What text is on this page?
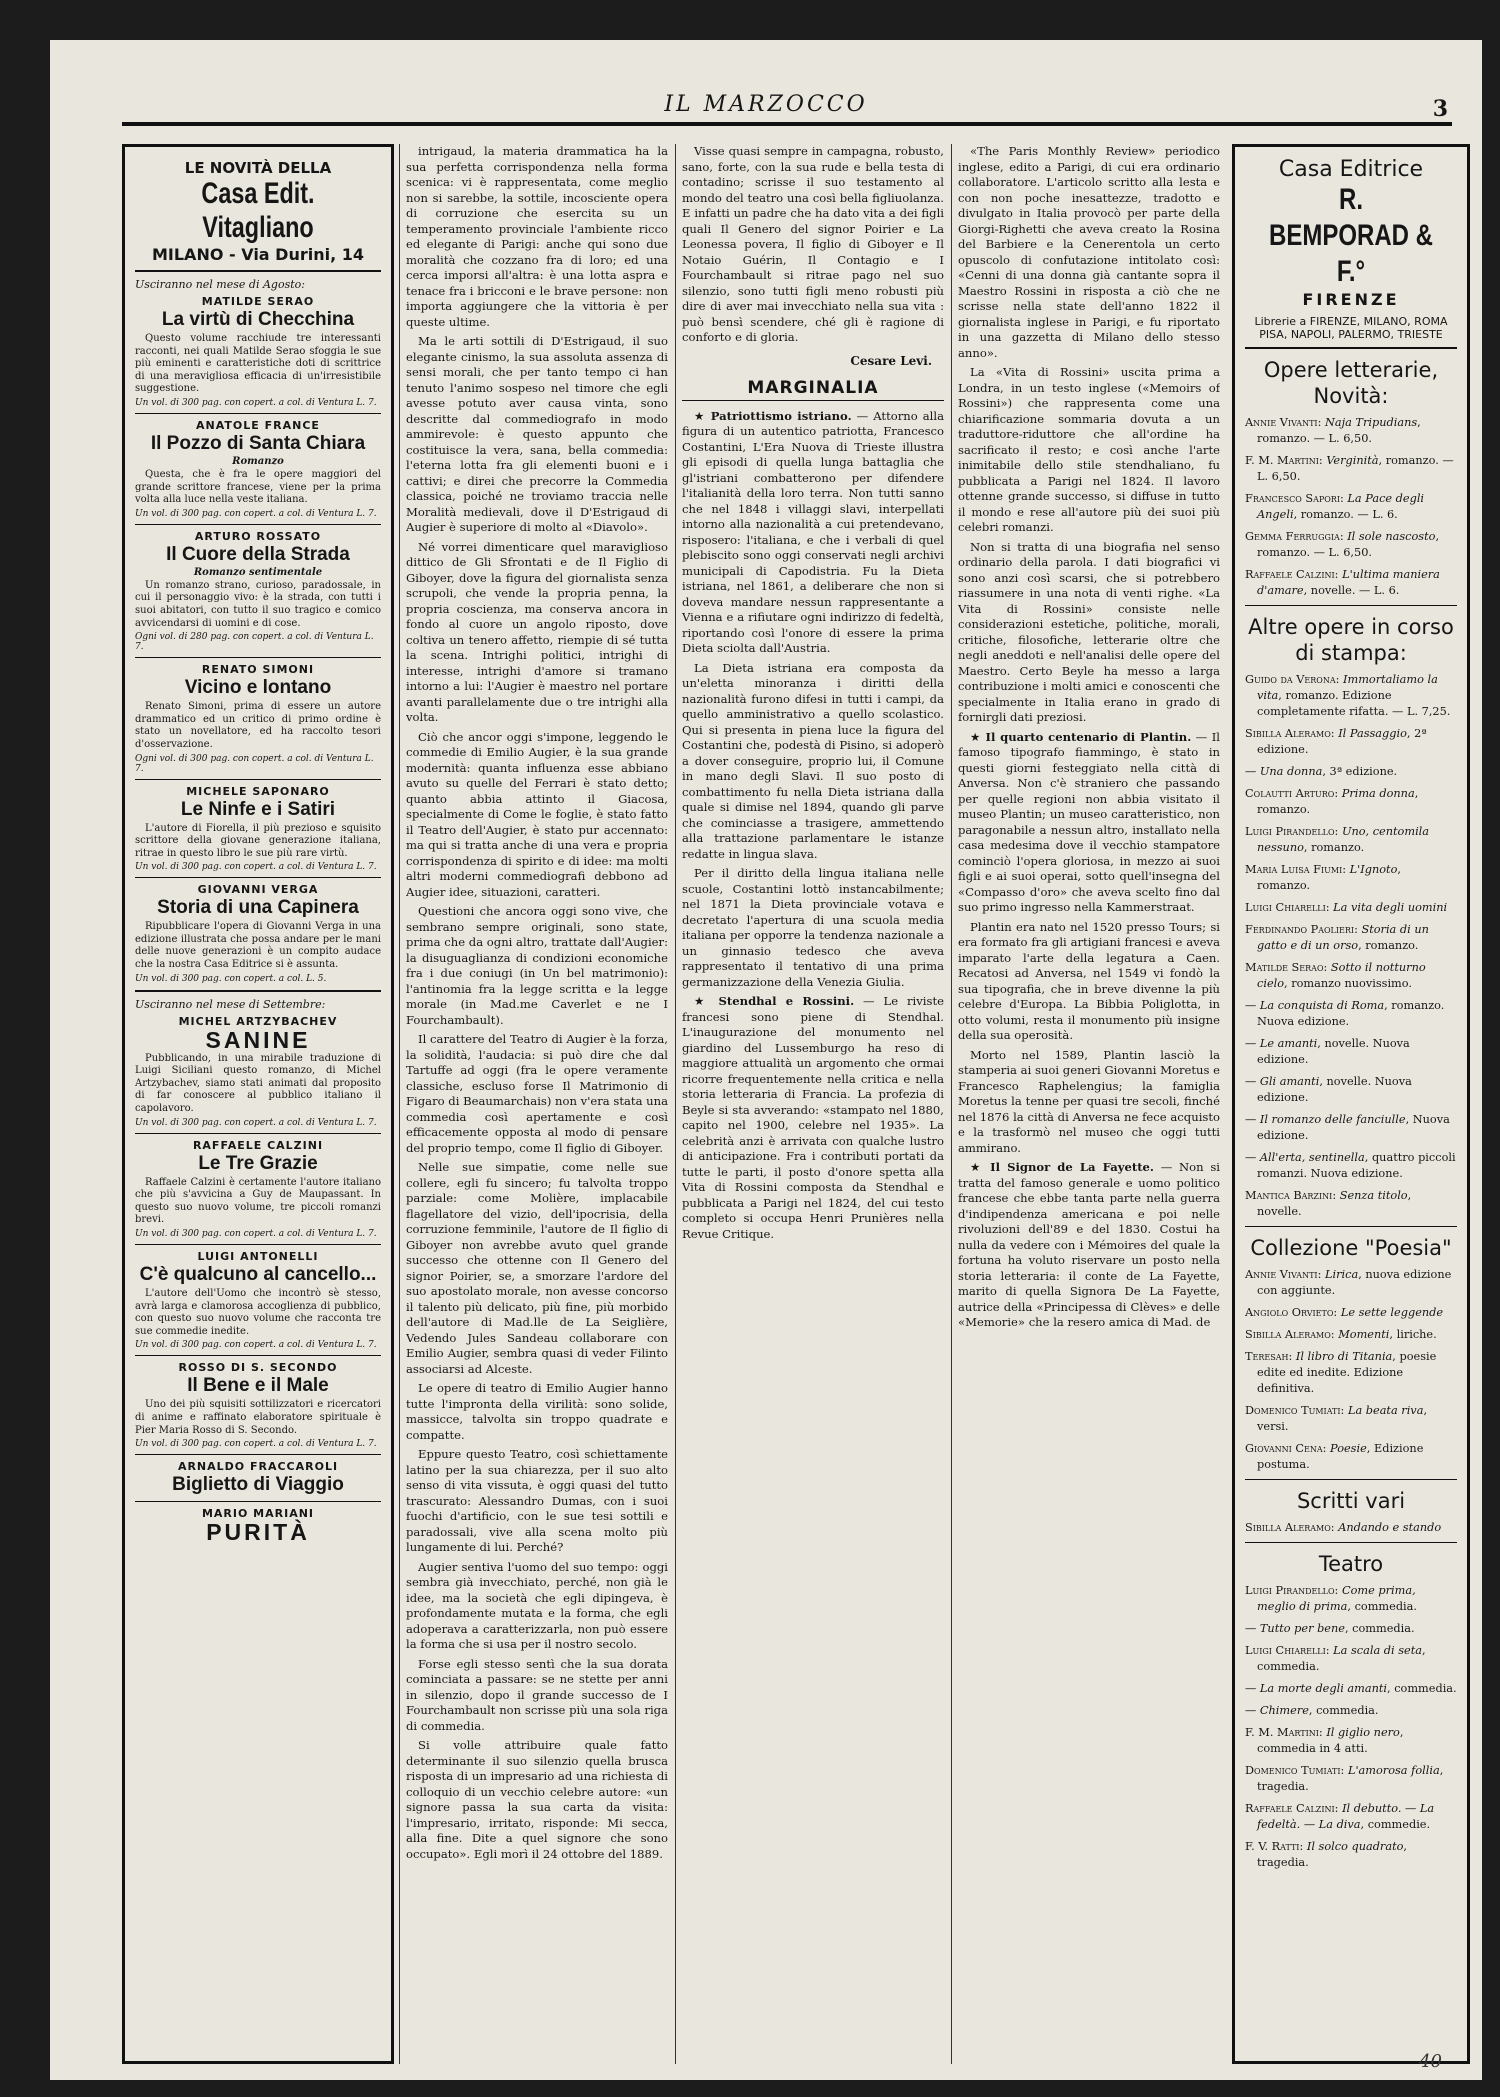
IL MARZOCCO	3
LE NOVITÀ DELLA
Casa Edit. Vitagliano
MILANO - Via Durini, 14
Usciranno nel mese di Agosto:
MATILDE SERAO
La virtù di Checchina
Questo volume racchiude tre interessanti racconti, nei quali Matilde Serao sfoggia le sue più eminenti e caratteristiche doti di scrittrice di una meravigliosa efficacia di un'irresistibile suggestione.
Un vol. di 300 pag. con copert. a col. di Ventura L. 7.
ANATOLE FRANCE
Il Pozzo di Santa Chiara
Romanzo
Questa, che è fra le opere maggiori del grande scrittore francese, viene per la prima volta alla luce nella veste italiana.
Un vol. di 300 pag. con copert. a col. di Ventura L. 7.
ARTURO ROSSATO
Il Cuore della Strada
Romanzo sentimentale
Un romanzo strano, curioso, paradossale, in cui il personaggio vivo: è la strada, con tutti i suoi abitatori, con tutto il suo tragico e comico avvicendarsi di uomini e di cose.
Ogni vol. di 280 pag. con copert. a col. di Ventura L. 7.
RENATO SIMONI
Vicino e lontano
Renato Simoni, prima di essere un autore drammatico ed un critico di primo ordine è stato un novellatore, ed ha raccolto tesori d'osservazione.
Ogni vol. di 300 pag. con copert. a col. di Ventura L. 7.
MICHELE SAPONARO
Le Ninfe e i Satiri
L'autore di Fiorella, il più prezioso e squisito scrittore della giovane generazione italiana, ritrae in questo libro le sue più rare virtù.
Un vol. di 300 pag. con copert. a col. di Ventura L. 7.
GIOVANNI VERGA
Storia di una Capinera
Ripubblicare l'opera di Giovanni Verga in una edizione illustrata che possa andare per le mani delle nuove generazioni è un compito audace che la nostra Casa Editrice si è assunta.
Un vol. di 300 pag. con copert. a col. L. 5.
Usciranno nel mese di Settembre:
MICHEL ARTZYBACHEV
SANINE
Pubblicando, in una mirabile traduzione di Luigi Siciliani questo romanzo, di Michel Artzybachev, siamo stati animati dal proposito di far conoscere al pubblico italiano il capolavoro.
Un vol. di 300 pag. con copert. a col. di Ventura L. 7.
RAFFAELE CALZINI
Le Tre Grazie
Raffaele Calzini è certamente l'autore italiano che più s'avvicina a Guy de Maupassant. In questo suo nuovo volume, tre piccoli romanzi brevi.
Un vol. di 300 pag. con copert. a col. di Ventura L. 7.
LUIGI ANTONELLI
C'è qualcuno al cancello...
L'autore dell'Uomo che incontrò sè stesso, avrà larga e clamorosa accoglienza di pubblico, con questo suo nuovo volume che racconta tre sue commedie inedite.
Un vol. di 300 pag. con copert. a col. di Ventura L. 7.
ROSSO DI S. SECONDO
Il Bene e il Male
Uno dei più squisiti sottilizzatori e ricercatori di anime e raffinato elaboratore spirituale è Pier Maria Rosso di S. Secondo.
Un vol. di 300 pag. con copert. a col. di Ventura L. 7.
ARNALDO FRACCAROLI
Biglietto di Viaggio
MARIO MARIANI
PURITÀ

intrigaud, la materia drammatica ha la sua perfetta corrispondenza nella forma scenica: vi è rappresentata, come meglio non si sarebbe, la sottile, incosciente opera di corruzione che esercita su un temperamento provinciale l'ambiente ricco ed elegante di Parigi: anche qui sono due moralità che cozzano fra di loro; ed una cerca imporsi all'altra: è una lotta aspra e tenace fra i bricconi e le brave persone: non importa aggiungere che la vittoria è per queste ultime.

Ma le arti sottili di D'Estrigaud, il suo elegante cinismo, la sua assoluta assenza di sensi morali, che per tanto tempo ci han tenuto l'animo sospeso nel timore che egli avesse potuto aver causa vinta, sono descritte dal commediografo in modo ammirevole: è questo appunto che costituisce la vera, sana, bella commedia: l'eterna lotta fra gli elementi buoni e i cattivi; e direi che precorre la Commedia classica, poiché ne troviamo traccia nelle Moralità medievali, dove il D'Estrigaud di Augier è superiore di molto al «Diavolo».

Né vorrei dimenticare quel maraviglioso dittico de Gli Sfrontati e de Il Figlio di Giboyer, dove la figura del giornalista senza scrupoli, che vende la propria penna, la propria coscienza, ma conserva ancora in fondo al cuore un angolo riposto, dove coltiva un tenero affetto, riempie di sé tutta la scena. Intrighi politici, intrighi di interesse, intrighi d'amore si tramano intorno a lui: l'Augier è maestro nel portare avanti parallelamente due o tre intrighi alla volta.

Ciò che ancor oggi s'impone, leggendo le commedie di Emilio Augier, è la sua grande modernità: quanta influenza esse abbiano avuto su quelle del Ferrari è stato detto; quanto abbia attinto il Giacosa, specialmente di Come le foglie, è stato fatto il Teatro dell'Augier, è stato pur accennato: ma qui si tratta anche di una vera e propria corrispondenza di spirito e di idee: ma molti altri moderni commediografi debbono ad Augier idee, situazioni, caratteri.

Questioni che ancora oggi sono vive, che sembrano sempre originali, sono state, prima che da ogni altro, trattate dall'Augier: la disuguaglianza di condizioni economiche fra i due coniugi (in Un bel matrimonio): l'antinomia fra la legge scritta e la legge morale (in Mad.me Caverlet e ne I Fourchambault).

Il carattere del Teatro di Augier è la forza, la solidità, l'audacia: si può dire che dal Tartuffe ad oggi (fra le opere veramente classiche, escluso forse Il Matrimonio di Figaro di Beaumarchais) non v'era stata una commedia così apertamente e così efficacemente opposta al modo di pensare del proprio tempo, come Il figlio di Giboyer.

Nelle sue simpatie, come nelle sue collere, egli fu sincero; fu talvolta troppo parziale: come Molière, implacabile flagellatore del vizio, dell'ipocrisia, della corruzione femminile, l'autore de Il figlio di Giboyer non avrebbe avuto quel grande successo che ottenne con Il Genero del signor Poirier, se, a smorzare l'ardore del suo apostolato morale, non avesse concorso il talento più delicato, più fine, più morbido dell'autore di Mad.lle de La Seiglière, Vedendo Jules Sandeau collaborare con Emilio Augier, sembra quasi di veder Filinto associarsi ad Alceste.

Le opere di teatro di Emilio Augier hanno tutte l'impronta della virilità: sono solide, massicce, talvolta sin troppo quadrate e compatte.

Eppure questo Teatro, così schiettamente latino per la sua chiarezza, per il suo alto senso di vita vissuta, è oggi quasi del tutto trascurato: Alessandro Dumas, con i suoi fuochi d'artificio, con le sue tesi sottili e paradossali, vive alla scena molto più lungamente di lui. Perché?

Augier sentiva l'uomo del suo tempo: oggi sembra già invecchiato, perché, non già le idee, ma la società che egli dipingeva, è profondamente mutata e la forma, che egli adoperava a caratterizzarla, non può essere la forma che si usa per il nostro secolo.

Forse egli stesso sentì che la sua dorata cominciata a passare: se ne stette per anni in silenzio, dopo il grande successo de I Fourchambault non scrisse più una sola riga di commedia.

Si volle attribuire quale fatto determinante il suo silenzio quella brusca risposta di un impresario ad una richiesta di colloquio di un vecchio celebre autore: «un signore passa la sua carta da visita: l'impresario, irritato, risponde: Mi secca, alla fine. Dite a quel signore che sono occupato». Egli morì il 24 ottobre del 1889.

Visse quasi sempre in campagna, robusto, sano, forte, con la sua rude e bella testa di contadino; scrisse il suo testamento al mondo del teatro una così bella figliuolanza. E infatti un padre che ha dato vita a dei figli quali Il Genero del signor Poirier e La Leonessa povera, Il figlio di Giboyer e Il Notaio Guérin, Il Contagio e I Fourchambault si ritrae pago nel suo silenzio, sono tutti figli meno robusti più dire di aver mai invecchiato nella sua vita : può bensì scendere, ché gli è ragione di conforto e di gloria.

Cesare Levi.
MARGINALIA

★ Patriottismo istriano. — Attorno alla figura di un autentico patriotta, Francesco Costantini, L'Era Nuova di Trieste illustra gli episodi di quella lunga battaglia che gl'istriani combatterono per difendere l'italianità della loro terra. Non tutti sanno che nel 1848 i villaggi slavi, interpellati intorno alla nazionalità a cui pretendevano, risposero: l'italiana, e che i verbali di quel plebiscito sono oggi conservati negli archivi municipali di Capodistria. Fu la Dieta istriana, nel 1861, a deliberare che non si doveva mandare nessun rappresentante a Vienna e a rifiutare ogni indirizzo di fedeltà, riportando così l'onore di essere la prima Dieta sciolta dall'Austria.

La Dieta istriana era composta da un'eletta minoranza i diritti della nazionalità furono difesi in tutti i campi, da quello amministrativo a quello scolastico. Qui si presenta in piena luce la figura del Costantini che, podestà di Pisino, si adoperò a dover conseguire, proprio lui, il Comune in mano degli Slavi. Il suo posto di combattimento fu nella Dieta istriana dalla quale si dimise nel 1894, quando gli parve che cominciasse a trasigere, ammettendo alla trattazione parlamentare le istanze redatte in lingua slava.

Per il diritto della lingua italiana nelle scuole, Costantini lottò instancabilmente; nel 1871 la Dieta provinciale votava e decretato l'apertura di una scuola media italiana per opporre la tendenza nazionale a un ginnasio tedesco che aveva rappresentato il tentativo di una prima germanizzazione della Venezia Giulia.

★ Stendhal e Rossini. — Le riviste francesi sono piene di Stendhal. L'inaugurazione del monumento nel giardino del Lussemburgo ha reso di maggiore attualità un argomento che ormai ricorre frequentemente nella critica e nella storia letteraria di Francia. La profezia di Beyle si sta avverando: «stampato nel 1880, capito nel 1900, celebre nel 1935». La celebrità anzi è arrivata con qualche lustro di anticipazione. Fra i contributi portati da tutte le parti, il posto d'onore spetta alla Vita di Rossini composta da Stendhal e pubblicata a Parigi nel 1824, del cui testo completo si occupa Henri Prunières nella Revue Critique.

«The Paris Monthly Review» periodico inglese, edito a Parigi, di cui era ordinario collaboratore. L'articolo scritto alla lesta e con non poche inesattezze, tradotto e divulgato in Italia provocò per parte della Giorgi-Righetti che aveva creato la Rosina del Barbiere e la Cenerentola un certo opuscolo di confutazione intitolato così: «Cenni di una donna già cantante sopra il Maestro Rossini in risposta a ciò che ne scrisse nella state dell'anno 1822 il giornalista inglese in Parigi, e fu riportato in una gazzetta di Milano dello stesso anno».

La «Vita di Rossini» uscita prima a Londra, in un testo inglese («Memoirs of Rossini») che rappresenta come una chiarificazione sommaria dovuta a un traduttore-riduttore che all'ordine ha sacrificato il resto; e così anche l'arte inimitabile dello stile stendhaliano, fu pubblicata a Parigi nel 1824. Il lavoro ottenne grande successo, si diffuse in tutto il mondo e rese all'autore più dei suoi più celebri romanzi.

Non si tratta di una biografia nel senso ordinario della parola. I dati biografici vi sono anzi così scarsi, che si potrebbero riassumere in una nota di venti righe. «La Vita di Rossini» consiste nelle considerazioni estetiche, politiche, morali, critiche, filosofiche, letterarie oltre che negli aneddoti e nell'analisi delle opere del Maestro. Certo Beyle ha messo a larga contribuzione i molti amici e conoscenti che specialmente in Italia erano in grado di fornirgli dati preziosi.

★ Il quarto centenario di Plantin. — Il famoso tipografo fiammingo, è stato in questi giorni festeggiato nella città di Anversa. Non c'è straniero che passando per quelle regioni non abbia visitato il museo Plantin; un museo caratteristico, non paragonabile a nessun altro, installato nella casa medesima dove il vecchio stampatore cominciò l'opera gloriosa, in mezzo ai suoi figli e ai suoi operai, sotto quell'insegna del «Compasso d'oro» che aveva scelto fino dal suo primo ingresso nella Kammerstraat.

Plantin era nato nel 1520 presso Tours; si era formato fra gli artigiani francesi e aveva imparato l'arte della legatura a Caen. Recatosi ad Anversa, nel 1549 vi fondò la sua tipografia, che in breve divenne la più celebre d'Europa. La Bibbia Poliglotta, in otto volumi, resta il monumento più insigne della sua operosità.

Morto nel 1589, Plantin lasciò la stamperia ai suoi generi Giovanni Moretus e Francesco Raphelengius; la famiglia Moretus la tenne per quasi tre secoli, finché nel 1876 la città di Anversa ne fece acquisto e la trasformò nel museo che oggi tutti ammirano.

★ Il Signor de La Fayette. — Non si tratta del famoso generale e uomo politico francese che ebbe tanta parte nella guerra d'indipendenza americana e poi nelle rivoluzioni dell'89 e del 1830. Costui ha nulla da vedere con i Mémoires del quale la fortuna ha voluto riservare un posto nella storia letteraria: il conte de La Fayette, marito di quella Signora De La Fayette, autrice della «Principessa di Clèves» e delle «Memorie» che la resero amica di Mad. de

Casa Editrice
R. BEMPORAD & F.°
FIRENZE
Librerie a FIRENZE, MILANO, ROMA PISA, NAPOLI, PALERMO, TRIESTE
Opere letterarie, Novità:
Annie Vivanti: Naja Tripudians, romanzo. — L. 6,50.
F. M. Martini: Verginità, romanzo. — L. 6,50.
Francesco Sapori: La Pace degli Angeli, romanzo. — L. 6.
Gemma Ferruggia: Il sole nascosto, romanzo. — L. 6,50.
Raffaele Calzini: L'ultima maniera d'amare, novelle. — L. 6.
Altre opere in corso di stampa:
Guido da Verona: Immortaliamo la vita, romanzo. Edizione completamente rifatta. — L. 7,25.
Sibilla Aleramo: Il Passaggio, 2ª edizione.
— Una donna, 3ª edizione.
Colautti Arturo: Prima donna, romanzo.
Luigi Pirandello: Uno, centomila nessuno, romanzo.
Maria Luisa Fiumi: L'Ignoto, romanzo.
Luigi Chiarelli: La vita degli uomini
Ferdinando Paolieri: Storia di un gatto e di un orso, romanzo.
Matilde Serao: Sotto il notturno cielo, romanzo nuovissimo.
— La conquista di Roma, romanzo. Nuova edizione.
— Le amanti, novelle. Nuova edizione.
— Gli amanti, novelle. Nuova edizione.
— Il romanzo delle fanciulle, Nuova edizione.
— All'erta, sentinella, quattro piccoli romanzi. Nuova edizione.
Mantica Barzini: Senza titolo, novelle.
Collezione "Poesia"
Annie Vivanti: Lirica, nuova edizione con aggiunte.
Angiolo Orvieto: Le sette leggende
Sibilla Aleramo: Momenti, liriche.
Teresah: Il libro di Titania, poesie edite ed inedite. Edizione definitiva.
Domenico Tumiati: La beata riva, versi.
Giovanni Cena: Poesie, Edizione postuma.
Scritti vari
Sibilla Aleramo: Andando e stando
Teatro
Luigi Pirandello: Come prima, meglio di prima, commedia.
— Tutto per bene, commedia.
Luigi Chiarelli: La scala di seta, commedia.
— La morte degli amanti, commedia.
— Chimere, commedia.
F. M. Martini: Il giglio nero, commedia in 4 atti.
Domenico Tumiati: L'amorosa follia, tragedia.
Raffaele Calzini: Il debutto. — La fedeltà. — La diva, commedie.
F. V. Ratti: Il solco quadrato, tragedia.
40
